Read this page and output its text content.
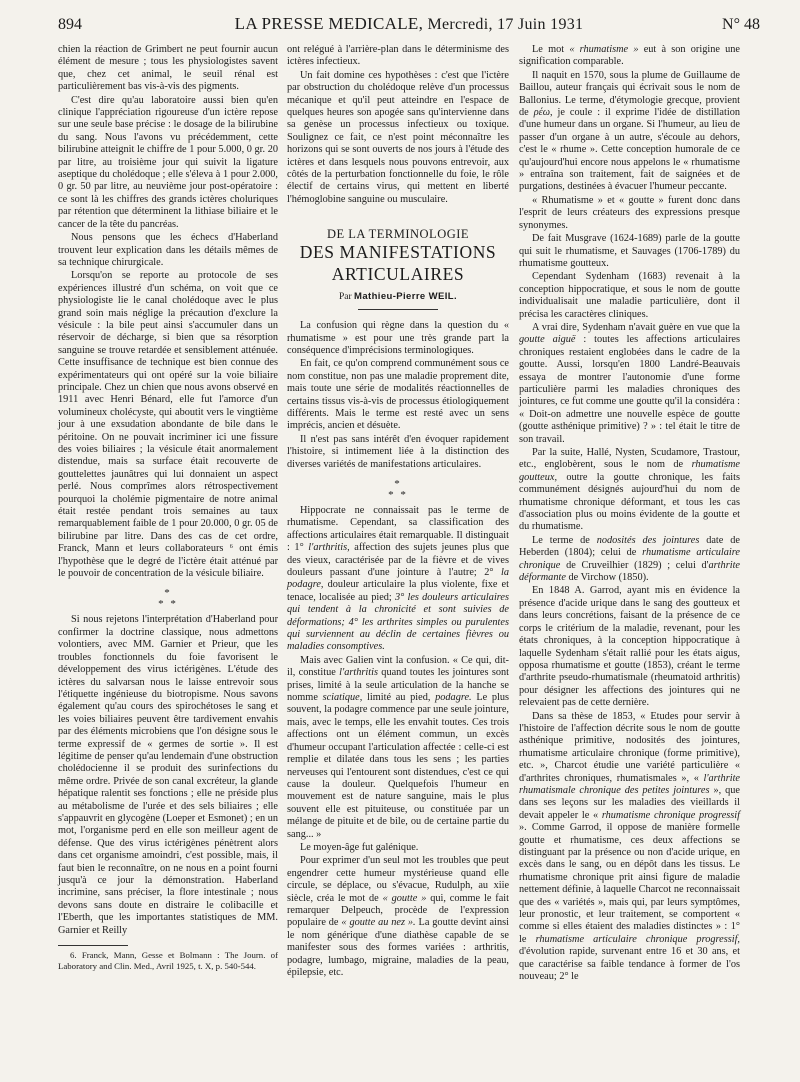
894	LA PRESSE MEDICALE, Mercredi, 17 Juin 1931	N° 48

chien la réaction de Grimbert ne peut fournir aucun élément de mesure ; tous les physiologistes savent que, chez cet animal, le seuil rénal est particulièrement bas vis-à-vis des pigments.

C'est dire qu'au laboratoire aussi bien qu'en clinique l'appréciation rigoureuse d'un ictère repose sur une seule base précise : le dosage de la bilirubine du sang. Nous l'avons vu précédemment, cette bilirubine atteignit le chiffre de 1 pour 5.000, 0 gr. 20 par litre, au troisième jour qui suivit la ligature aseptique du cholédoque ; elle s'éleva à 1 pour 2.000, 0 gr. 50 par litre, au neuvième jour post-opératoire : ce sont là les chiffres des grands ictères choluriques par rétention que déterminent la lithiase biliaire et le cancer de la tête du pancréas.

Nous pensons que les échecs d'Haberland trouvent leur explication dans les détails mêmes de sa technique chirurgicale.

Lorsqu'on se reporte au protocole de ses expériences illustré d'un schéma, on voit que ce physiologiste lie le canal cholédoque avec le plus grand soin mais néglige la précaution d'exclure la vésicule : la bile peut ainsi s'accumuler dans un réservoir de décharge, si bien que sa résorption sanguine se trouve retardée et sensiblement atténuée. Cette insuffisance de technique est bien connue des expérimentateurs qui ont opéré sur la voie biliaire principale. Chez un chien que nous avons observé en 1911 avec Henri Bénard, elle fut l'amorce d'un volumineux cholécyste, qui aboutit vers le vingtième jour à une exsudation abondante de bile dans le péritoine. On ne pouvait incriminer ici une fissure des voies biliaires ; la vésicule était anormalement distendue, mais sa surface était recouverte de gouttelettes jaunâtres qui lui donnaient un aspect perlé. Nous comprîmes alors rétrospectivement pourquoi la cholémie pigmentaire de notre animal était restée pendant trois semaines au taux remarquablement faible de 1 pour 20.000, 0 gr. 05 de bilirubine par litre. Dans des cas de cet ordre, Franck, Mann et leurs collaborateurs ⁶ ont émis l'hypothèse que le degré de l'ictère était atténué par le pouvoir de concentration de la vésicule biliaire.

*
* *

Si nous rejetons l'interprétation d'Haberland pour confirmer la doctrine classique, nous admettons volontiers, avec MM. Garnier et Prieur, que les troubles fonctionnels du foie favorisent le développement des virus ictérigènes. L'étude des ictères du salvarsan nous le laisse entrevoir sous l'étiquette ingénieuse du biotropisme. Nous savons également qu'au cours des spirochétoses le sang et les voies biliaires peuvent être tardivement envahis par des éléments microbiens que l'on désigne sous le terme expressif de « germes de sortie ». Il est légitime de penser qu'au lendemain d'une obstruction cholédocienne il se produit des surinfections du même ordre. Privée de son canal excréteur, la glande hépatique ralentit ses fonctions ; elle ne préside plus au métabolisme de l'urée et des sels biliaires ; elle s'appauvrit en glycogène (Loeper et Esmonet) ; en un mot, l'organisme perd en elle son meilleur agent de défense. Que des virus ictérigènes pénètrent alors dans cet organisme amoindri, c'est possible, mais, il faut bien le reconnaître, on ne nous en a point fourni jusqu'à ce jour la démonstration. Haberland incrimine, sans préciser, la flore intestinale ; nous devons sans doute en distraire le colibacille et l'Eberth, que les importantes statistiques de MM. Garnier et Reilly

6. Franck, Mann, Gesse et Bolmann : The Journ. of Laboratory and Clin. Med., Avril 1925, t. X, p. 540-544.

ont relégué à l'arrière-plan dans le déterminisme des ictères infectieux.

Un fait domine ces hypothèses : c'est que l'ictère par obstruction du cholédoque relève d'un processus mécanique et qu'il peut atteindre en l'espace de quelques heures son apogée sans qu'intervienne dans sa genèse un processus infectieux ou toxique. Soulignez ce fait, ce n'est point méconnaître les horizons qui se sont ouverts de nos jours à l'étude des ictères et dans lesquels nous pouvons entrevoir, aux côtés de la perturbation fonctionnelle du foie, le rôle électif de certains virus, qui mettent en liberté l'hémoglobine sanguine ou musculaire.

DE LA TERMINOLOGIE
DES MANIFESTATIONS
ARTICULAIRES
Par Mathieu-Pierre WEIL.

La confusion qui règne dans la question du « rhumatisme » est pour une très grande part la conséquence d'imprécisions terminologiques.

En fait, ce qu'on comprend communément sous ce nom constitue, non pas une maladie proprement dite, mais toute une série de modalités réactionnelles de certains tissus vis-à-vis de processus étiologiquement différents. Mais le terme est resté avec un sens imprécis, ancien et désuète.

Il n'est pas sans intérêt d'en évoquer rapidement l'histoire, si intimement liée à la distinction des diverses variétés de manifestations articulaires.

*
* *

Hippocrate ne connaissait pas le terme de rhumatisme. Cependant, sa classification des affections articulaires était remarquable. Il distinguait : 1° l'arthritis, affection des sujets jeunes plus que des vieux, caractérisée par de la fièvre et de vives douleurs passant d'une jointure à l'autre; 2° la podagre, douleur articulaire la plus violente, fixe et tenace, localisée au pied; 3° les douleurs articulaires qui tendent à la chronicité et sont suivies de déformations; 4° les arthrites simples ou purulentes qui surviennent au déclin de certaines fièvres ou maladies consomptives.

Mais avec Galien vint la confusion. « Ce qui, dit-il, constitue l'arthritis quand toutes les jointures sont prises, limité à la seule articulation de la hanche se nomme sciatique, limité au pied, podagre. Le plus souvent, la podagre commence par une seule jointure, mais, avec le temps, elle les envahit toutes. Ces trois affections ont un élément commun, un excès d'humeur occupant l'articulation affectée : celle-ci est remplie et dilatée dans tous les sens ; les parties nerveuses qui l'entourent sont distendues, c'est ce qui cause la douleur. Quelquefois l'humeur en mouvement est de nature sanguine, mais le plus souvent elle est pituiteuse, ou constituée par un mélange de pituite et de bile, ou de certaine partie du sang... »

Le moyen-âge fut galénique.

Pour exprimer d'un seul mot les troubles que peut engendrer cette humeur mystérieuse quand elle circule, se déplace, ou s'évacue, Rudulph, au xiie siècle, créa le mot de « goutte » qui, comme le fait remarquer Delpeuch, procède de l'expression populaire de « goutte au nez ». La goutte devint ainsi le nom générique d'une diathèse capable de se manifester sous des formes variées : arthritis, podagre, lumbago, migraine, maladies de la peau, épilepsie, etc.

Le mot « rhumatisme » eut à son origine une signification comparable.

Il naquit en 1570, sous la plume de Guillaume de Baillou, auteur français qui écrivait sous le nom de Ballonius. Le terme, d'étymologie grecque, provient de ρέω, je coule : il exprime l'idée de distillation d'une humeur dans un organe. Si l'humeur, au lieu de passer d'un organe à un autre, s'écoule au dehors, c'est le « rhume ». Cette conception humorale de ce qu'aujourd'hui encore nous appelons le « rhumatisme » entraîna son traitement, fait de saignées et de purgations, destinées à évacuer l'humeur peccante.

« Rhumatisme » et « goutte » furent donc dans l'esprit de leurs créateurs des expressions presque synonymes.

De fait Musgrave (1624-1689) parle de la goutte qui suit le rhumatisme, et Sauvages (1706-1789) du rhumatisme goutteux.

Cependant Sydenham (1683) revenait à la conception hippocratique, et sous le nom de goutte individualisait une maladie particulière, dont il précisa les caractères cliniques.

A vrai dire, Sydenham n'avait guère en vue que la goutte aiguë : toutes les affections articulaires chroniques restaient englobées dans le cadre de la goutte. Aussi, lorsqu'en 1800 Landré-Beauvais essaya de montrer l'autonomie d'une forme particulière parmi les maladies chroniques des jointures, ce fut comme une goutte qu'il la considéra : « Doit-on admettre une nouvelle espèce de goutte (goutte asthénique primitive) ? » : tel était le titre de son travail.

Par la suite, Hallé, Nysten, Scudamore, Trastour, etc., englobèrent, sous le nom de rhumatisme goutteux, outre la goutte chronique, les faits communément désignés aujourd'hui du nom de rhumatisme chronique déformant, et tous les cas d'association plus ou moins évidente de la goutte et du rhumatisme.

Le terme de nodosités des jointures date de Heberden (1804); celui de rhumatisme articulaire chronique de Cruveilhier (1829) ; celui d'arthrite déformante de Virchow (1850).

En 1848 A. Garrod, ayant mis en évidence la présence d'acide urique dans le sang des goutteux et dans leurs concrétions, faisant de la présence de ce corps le critérium de la maladie, revenant, pour les états chroniques, à la conception hippocratique à laquelle Sydenham s'était rallié pour les états aigus, opposa rhumatisme et goutte (1853), créant le terme d'arthrite pseudo-rhumatismale (rheumatoid arthritis) pour désigner les affections des jointures qui ne relevaient pas de cette dernière.

Dans sa thèse de 1853, « Etudes pour servir à l'histoire de l'affection décrite sous le nom de goutte asthénique primitive, nodosités des jointures, rhumatisme articulaire chronique (forme primitive), etc. », Charcot étudie une variété particulière « d'arthrites chroniques, rhumatismales », « l'arthrite rhumatismale chronique des petites jointures », que dans ses leçons sur les maladies des vieillards il devait appeler le « rhumatisme chronique progressif ». Comme Garrod, il oppose de manière formelle goutte et rhumatisme, ces deux affections se distinguant par la présence ou non d'acide urique, en excès dans le sang, ou en dépôt dans les tissus. Le rhumatisme chronique prit ainsi figure de maladie nettement définie, à laquelle Charcot ne reconnaissait que des « variétés », mais qui, par leurs symptômes, leur pronostic, et leur traitement, se comportent « comme si elles étaient des maladies distinctes » : 1° le rhumatisme articulaire chronique progressif, d'évolution rapide, survenant entre 16 et 30 ans, et que caractérise sa faible tendance à former de l'os nouveau; 2° le
